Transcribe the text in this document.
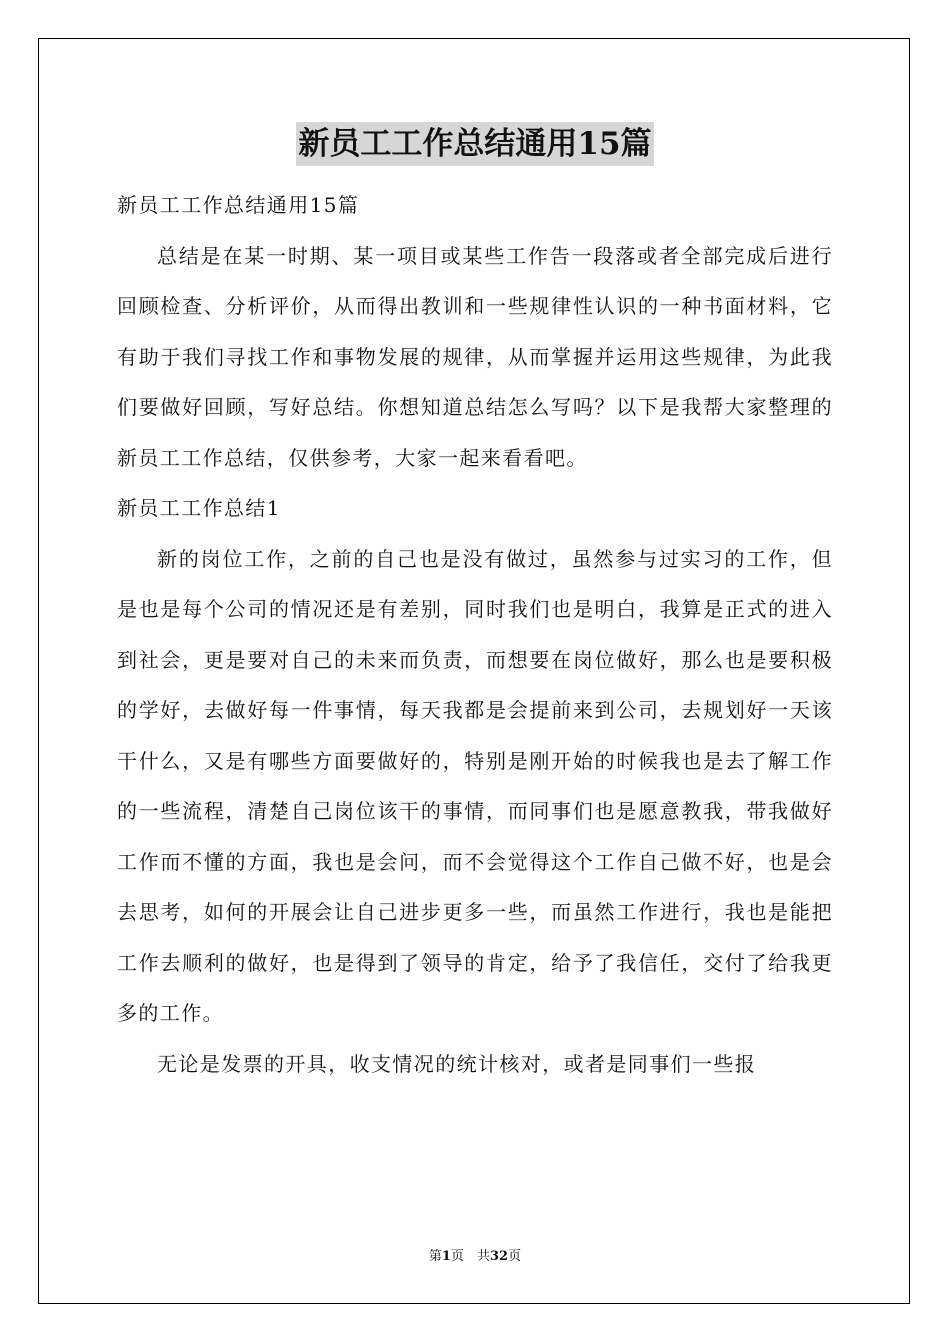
新员工工作总结通用15篇

新员工工作总结通用15篇

总结是在某一时期、某一项目或某些工作告一段落或者全部完成后进行回顾检查、分析评价，从而得出教训和一些规律性认识的一种书面材料，它有助于我们寻找工作和事物发展的规律，从而掌握并运用这些规律，为此我们要做好回顾，写好总结。你想知道总结怎么写吗？以下是我帮大家整理的新员工工作总结，仅供参考，大家一起来看看吧。

新员工工作总结1

新的岗位工作，之前的自己也是没有做过，虽然参与过实习的工作，但是也是每个公司的情况还是有差别，同时我们也是明白，我算是正式的进入到社会，更是要对自己的未来而负责，而想要在岗位做好，那么也是要积极的学好，去做好每一件事情，每天我都是会提前来到公司，去规划好一天该干什么，又是有哪些方面要做好的，特别是刚开始的时候我也是去了解工作的一些流程，清楚自己岗位该干的事情，而同事们也是愿意教我，带我做好工作而不懂的方面，我也是会问，而不会觉得这个工作自己做不好，也是会去思考，如何的开展会让自己进步更多一些，而虽然工作进行，我也是能把工作去顺利的做好，也是得到了领导的肯定，给予了我信任，交付了给我更多的工作。

无论是发票的开具，收支情况的统计核对，或者是同事们一些报

第1页　共32页
